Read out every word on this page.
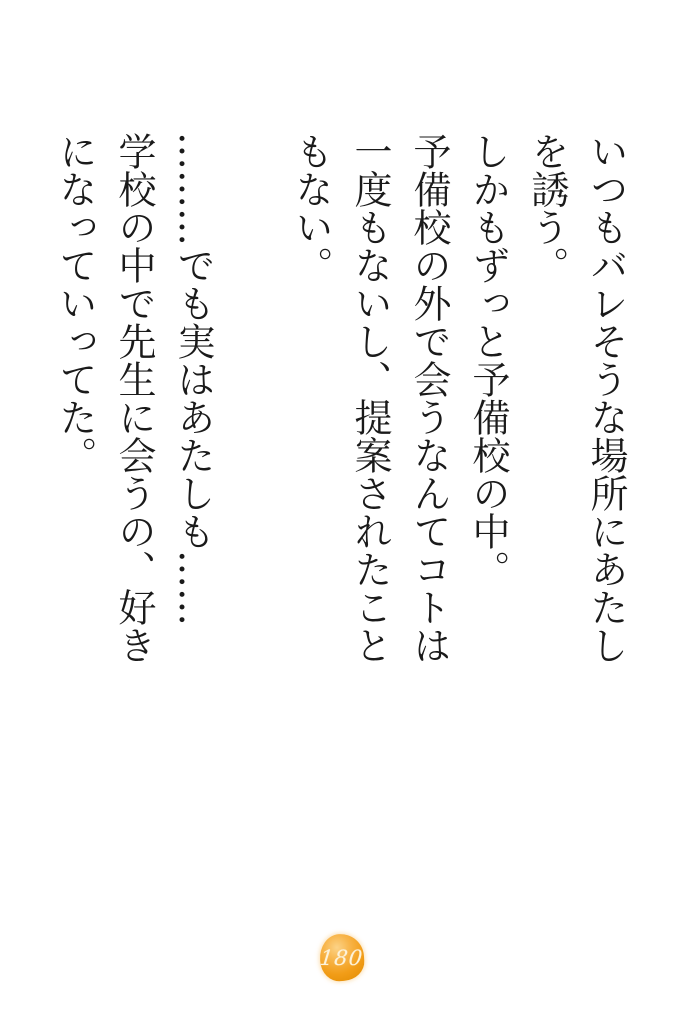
いつもバレそうな場所にあたしを誘う。

しかもずっと予備校の中。

予備校の外で会うなんてコトは一度もないし、提案されたこともない。

………でも実はあたしも……

学校の中で先生に会うの、好きになっていってた。

180
